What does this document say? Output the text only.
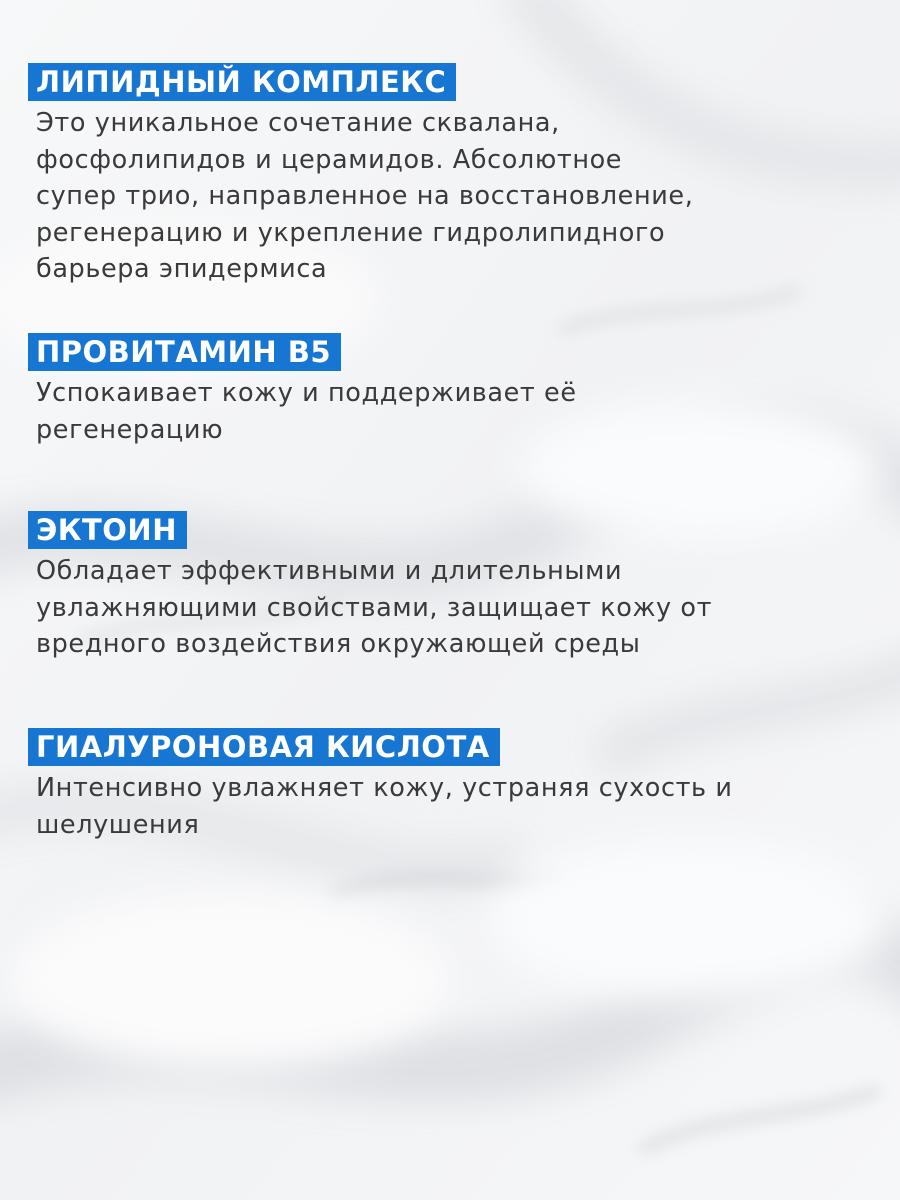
ЛИПИДНЫЙ КОМПЛЕКС
Это уникальное сочетание сквалана,
фосфолипидов и церамидов. Абсолютное
супер трио, направленное на восстановление,
регенерацию и укрепление гидролипидного
барьера эпидермиса
ПРОВИТАМИН В5
Успокаивает кожу и поддерживает её
регенерацию
ЭКТОИН
Обладает эффективными и длительными
увлажняющими свойствами, защищает кожу от
вредного воздействия окружающей среды
ГИАЛУРОНОВАЯ КИСЛОТА
Интенсивно увлажняет кожу, устраняя сухость и
шелушения
